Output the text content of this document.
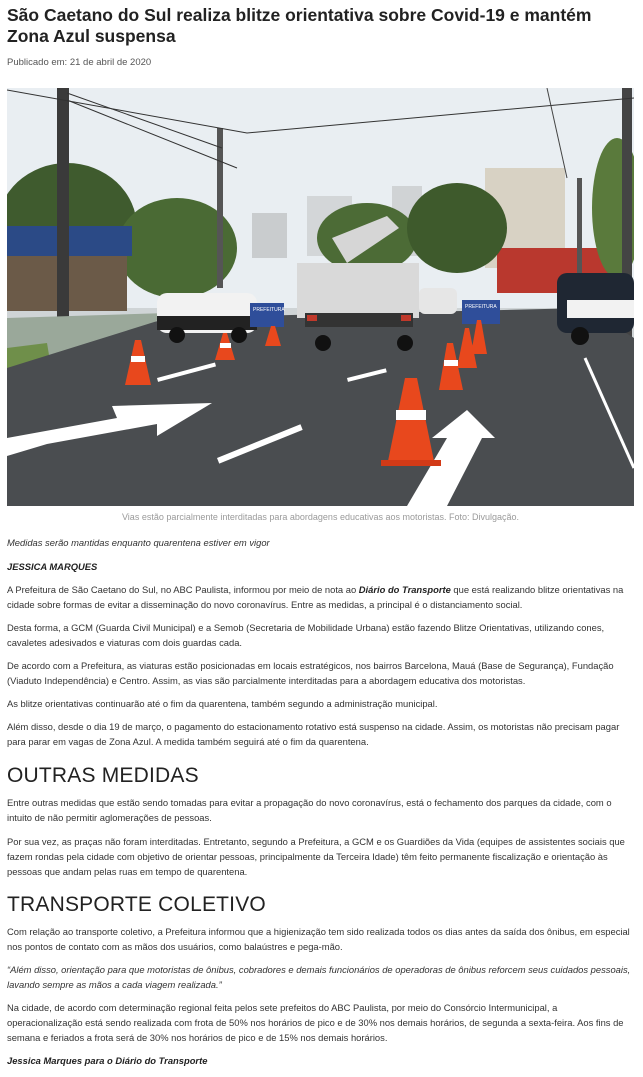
São Caetano do Sul realiza blitze orientativa sobre Covid-19 e mantém Zona Azul suspensa
Publicado em: 21 de abril de 2020
PREFEITURA	PREFEITURA
Vias estão parcialmente interditadas para abordagens educativas aos motoristas. Foto: Divulgação.
Medidas serão mantidas enquanto quarentena estiver em vigor
JESSICA MARQUES
A Prefeitura de São Caetano do Sul, no ABC Paulista, informou por meio de nota ao Diário do Transporte que está realizando blitze orientativas na cidade sobre formas de evitar a disseminação do novo coronavírus. Entre as medidas, a principal é o distanciamento social.
Desta forma, a GCM (Guarda Civil Municipal) e a Semob (Secretaria de Mobilidade Urbana) estão fazendo Blitze Orientativas, utilizando cones, cavaletes adesivados e viaturas com dois guardas cada.
De acordo com a Prefeitura, as viaturas estão posicionadas em locais estratégicos, nos bairros Barcelona, Mauá (Base de Segurança), Fundação (Viaduto Independência) e Centro. Assim, as vias são parcialmente interditadas para a abordagem educativa dos motoristas.
As blitze orientativas continuarão até o fim da quarentena, também segundo a administração municipal.
Além disso, desde o dia 19 de março, o pagamento do estacionamento rotativo está suspenso na cidade. Assim, os motoristas não precisam pagar para parar em vagas de Zona Azul. A medida também seguirá até o fim da quarentena.
OUTRAS MEDIDAS
Entre outras medidas que estão sendo tomadas para evitar a propagação do novo coronavírus, está o fechamento dos parques da cidade, com o intuito de não permitir aglomerações de pessoas.
Por sua vez, as praças não foram interditadas. Entretanto, segundo a Prefeitura, a GCM e os Guardiões da Vida (equipes de assistentes sociais que fazem rondas pela cidade com objetivo de orientar pessoas, principalmente da Terceira Idade) têm feito permanente fiscalização e orientação às pessoas que andam pelas ruas em tempo de quarentena.
TRANSPORTE COLETIVO
Com relação ao transporte coletivo, a Prefeitura informou que a higienização tem sido realizada todos os dias antes da saída dos ônibus, em especial nos pontos de contato com as mãos dos usuários, como balaústres e pega-mão.
“Além disso, orientação para que motoristas de ônibus, cobradores e demais funcionários de operadoras de ônibus reforcem seus cuidados pessoais, lavando sempre as mãos a cada viagem realizada.”
Na cidade, de acordo com determinação regional feita pelos sete prefeitos do ABC Paulista, por meio do Consórcio Intermunicipal, a operacionalização está sendo realizada com frota de 50% nos horários de pico e de 30% nos demais horários, de segunda a sexta-feira. Aos fins de semana e feriados a frota será de 30% nos horários de pico e de 15% nos demais horários.
Jessica Marques para o Diário do Transporte
